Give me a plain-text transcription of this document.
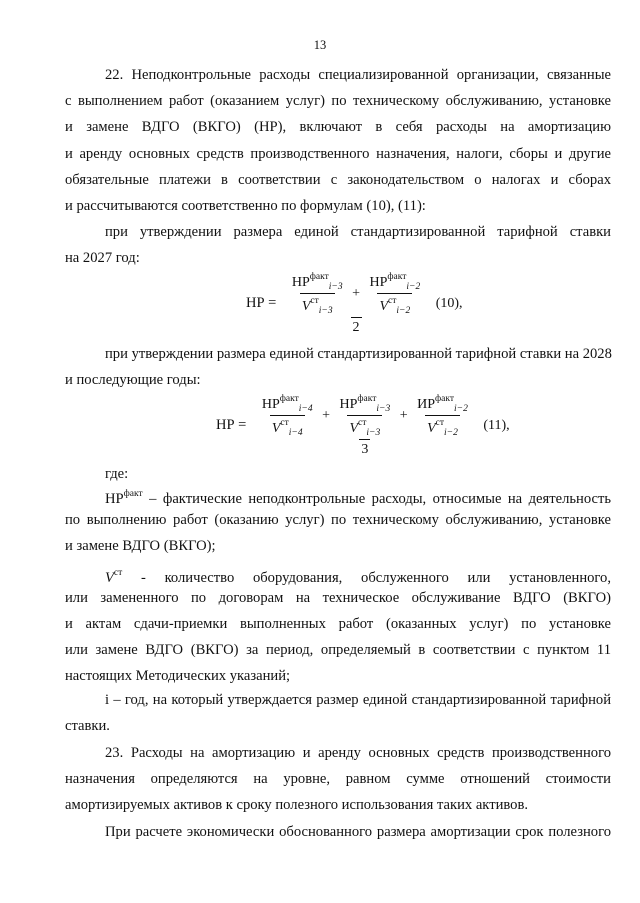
13
22. Неподконтрольные расходы специализированной организации, связанные
с выполнением работ (оказанием услуг) по техническому обслуживанию, установке
и замене ВДГО (ВКГО) (НР), включают в себя расходы на амортизацию
и аренду основных средств производственного назначения, налоги, сборы и другие
обязательные платежи в соответствии с законодательством о налогах и сборах
и рассчитываются соответственно по формулам (10), (11):
при утверждении размера единой стандартизированной тарифной ставки
на 2027 год:
НР = $\frac{НР^{факт}_{i-3}}{V^{ст}_{i-3}} + \frac{НР^{факт}_{i-2}}{V^{ст}_{i-2}}$
2
(10),
при утверждении размера единой стандартизированной тарифной ставки на 2028
и последующие годы:
НР = $\frac{НР^{факт}_{i-4}}{V^{ст}_{i-4}} + \frac{НР^{факт}_{i-3}}{V^{ст}_{i-3}} + \frac{ИР^{факт}_{i-2}}{V^{ст}_{i-2}}$
3
(11),
где:
$НР^{факт}$ – фактические неподконтрольные расходы, относимые на деятельность
по выполнению работ (оказанию услуг) по техническому обслуживанию, установке
и замене ВДГО (ВКГО);
$V^{ст}$ - количество оборудования, обслуженного или установленного,
или замененного по договорам на техническое обслуживание ВДГО (ВКГО)
и актам сдачи-приемки выполненных работ (оказанных услуг) по установке
или замене ВДГО (ВКГО) за период, определяемый в соответствии с пунктом 11
настоящих Методических указаний;
i – год, на который утверждается размер единой стандартизированной тарифной
ставки.
23. Расходы на амортизацию и аренду основных средств производственного
назначения определяются на уровне, равном сумме отношений стоимости
амортизируемых активов к сроку полезного использования таких активов.
При расчете экономически обоснованного размера амортизации срок полезного
